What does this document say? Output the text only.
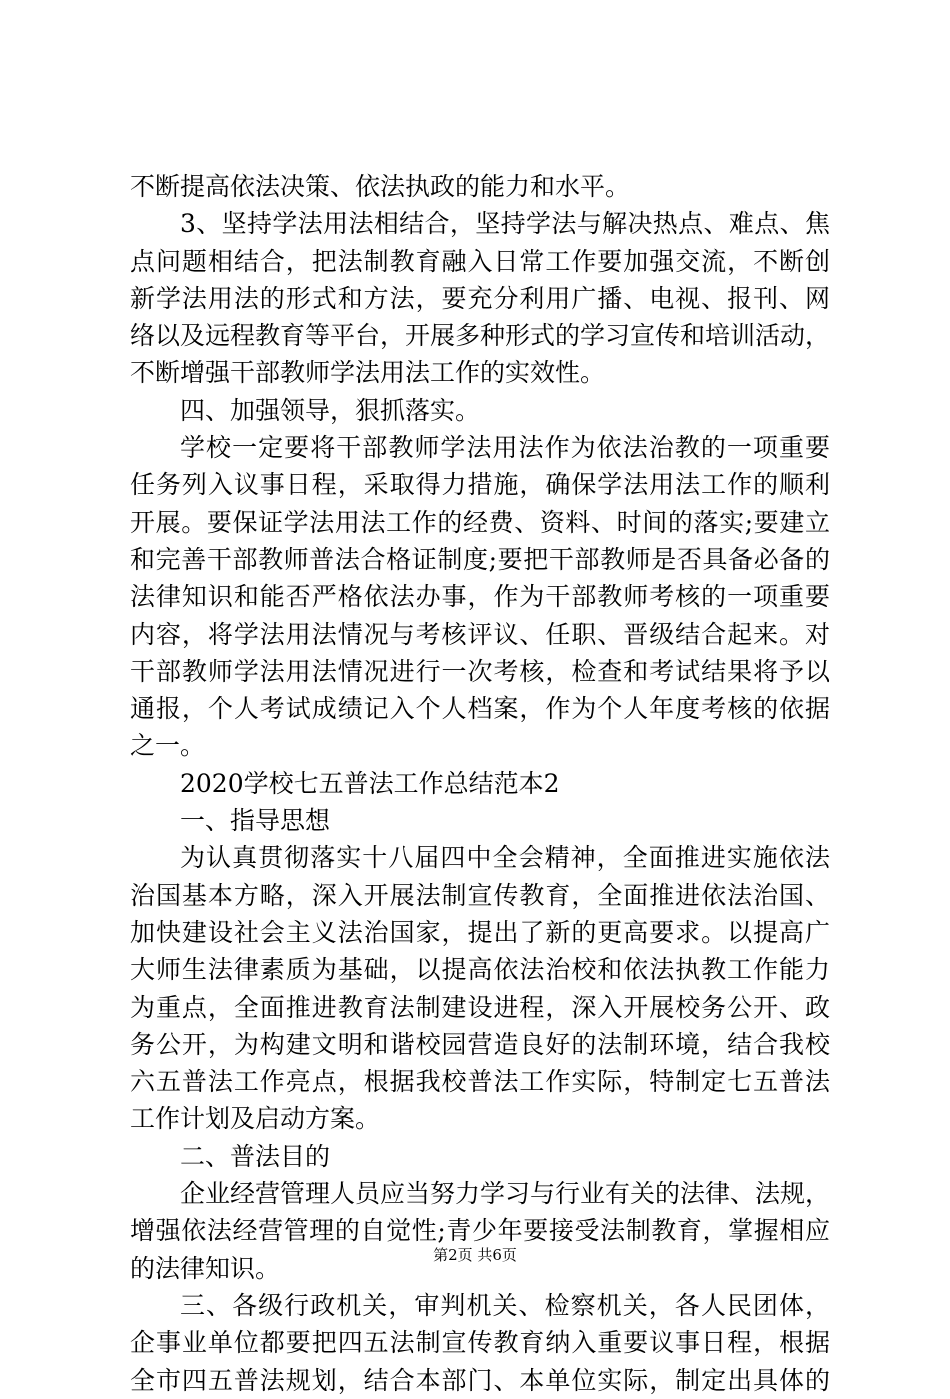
不断提高依法决策、依法执政的能力和水平。
3、坚持学法用法相结合，坚持学法与解决热点、难点、焦
点问题相结合，把法制教育融入日常工作要加强交流，不断创
新学法用法的形式和方法，要充分利用广播、电视、报刊、网
络以及远程教育等平台，开展多种形式的学习宣传和培训活动，
不断增强干部教师学法用法工作的实效性。
四、加强领导，狠抓落实。
学校一定要将干部教师学法用法作为依法治教的一项重要
任务列入议事日程，采取得力措施，确保学法用法工作的顺利
开展。要保证学法用法工作的经费、资料、时间的落实;要建立
和完善干部教师普法合格证制度;要把干部教师是否具备必备的
法律知识和能否严格依法办事，作为干部教师考核的一项重要
内容，将学法用法情况与考核评议、任职、晋级结合起来。对
干部教师学法用法情况进行一次考核，检查和考试结果将予以
通报，个人考试成绩记入个人档案，作为个人年度考核的依据
之一。
2020学校七五普法工作总结范本2
一、指导思想
为认真贯彻落实十八届四中全会精神，全面推进实施依法
治国基本方略，深入开展法制宣传教育，全面推进依法治国、
加快建设社会主义法治国家，提出了新的更高要求。以提高广
大师生法律素质为基础，以提高依法治校和依法执教工作能力
为重点，全面推进教育法制建设进程，深入开展校务公开、政
务公开，为构建文明和谐校园营造良好的法制环境，结合我校
六五普法工作亮点，根据我校普法工作实际，特制定七五普法
工作计划及启动方案。
二、普法目的
企业经营管理人员应当努力学习与行业有关的法律、法规，
增强依法经营管理的自觉性;青少年要接受法制教育，掌握相应
的法律知识。
三、各级行政机关，审判机关、检察机关，各人民团体，
企事业单位都要把四五法制宣传教育纳入重要议事日程，根据
全市四五普法规划，结合本部门、本单位实际，制定出具体的
第2页 共6页
